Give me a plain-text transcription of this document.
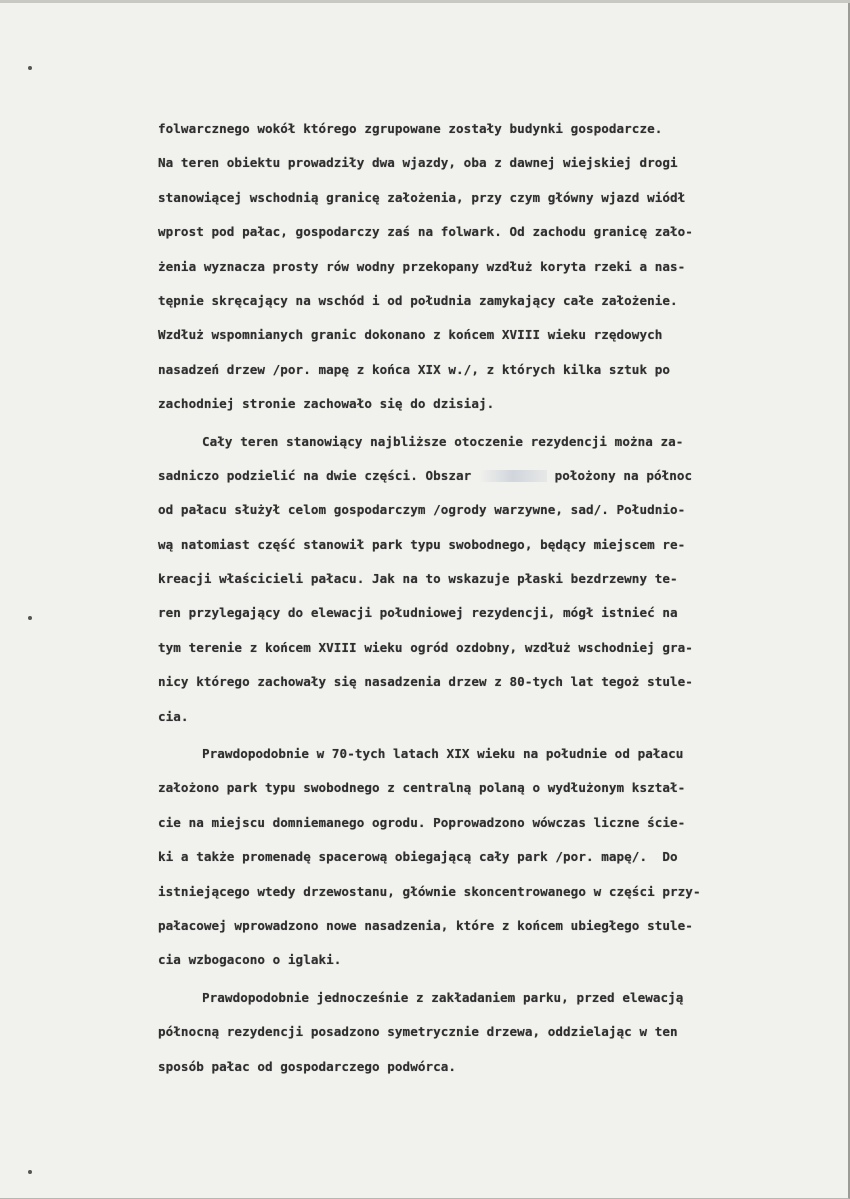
folwarcznego wokół którego zgrupowane zostały budynki gospodarcze.
Na teren obiektu prowadziły dwa wjazdy, oba z dawnej wiejskiej drogi
stanowiącej wschodnią granicę założenia, przy czym główny wjazd wiódł
wprost pod pałac, gospodarczy zaś na folwark. Od zachodu granicę zało-
żenia wyznacza prosty rów wodny przekopany wzdłuż koryta rzeki a nas-
tępnie skręcający na wschód i od południa zamykający całe założenie.
Wzdłuż wspomnianych granic dokonano z końcem XVIII wieku rzędowych
nasadzeń drzew /por. mapę z końca XIX w./, z których kilka sztuk po
zachodniej stronie zachowało się do dzisiaj.
Cały teren stanowiący najbliższe otoczenie rezydencji można za-
sadniczo podzielić na dwie części. Obszar	położony na północ
od pałacu służył celom gospodarczym /ogrody warzywne, sad/. Południo-
wą natomiast część stanowił park typu swobodnego, będący miejscem re-
kreacji właścicieli pałacu. Jak na to wskazuje płaski bezdrzewny te-
ren przylegający do elewacji południowej rezydencji, mógł istnieć na
tym terenie z końcem XVIII wieku ogród ozdobny, wzdłuż wschodniej gra-
nicy którego zachowały się nasadzenia drzew z 80-tych lat tegoż stule-
cia.
Prawdopodobnie w 70-tych latach XIX wieku na południe od pałacu
założono park typu swobodnego z centralną polaną o wydłużonym kształ-
cie na miejscu domniemanego ogrodu. Poprowadzono wówczas liczne ście-
ki a także promenadę spacerową obiegającą cały park /por. mapę/.  Do
istniejącego wtedy drzewostanu, głównie skoncentrowanego w części przy-
pałacowej wprowadzono nowe nasadzenia, które z końcem ubiegłego stule-
cia wzbogacono o iglaki.
Prawdopodobnie jednocześnie z zakładaniem parku, przed elewacją
północną rezydencji posadzono symetrycznie drzewa, oddzielając w ten
sposób pałac od gospodarczego podwórca.
